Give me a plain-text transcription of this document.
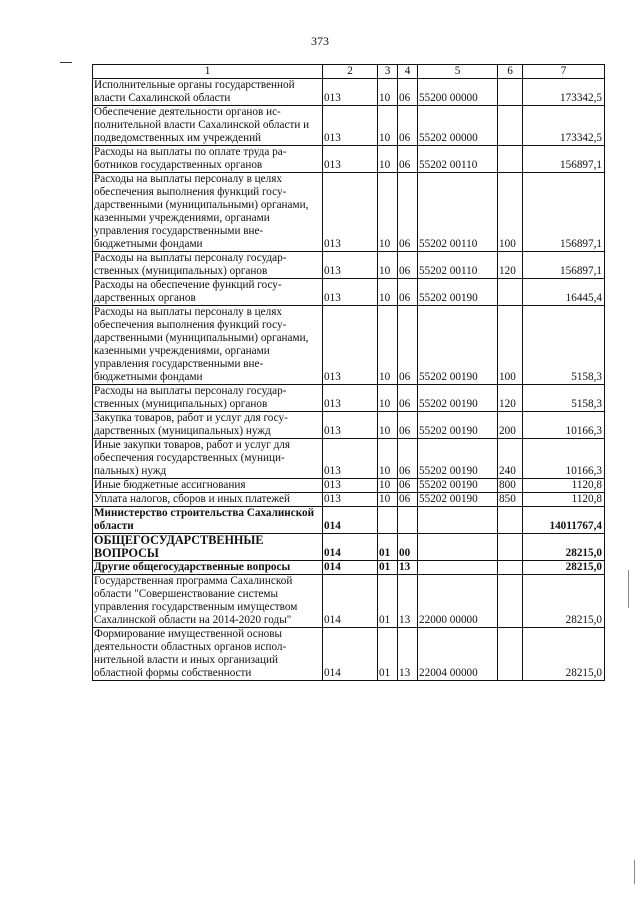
373
1	2	3	4	5	6	7
Исполнительные органы государственной власти Сахалинской области	013	10	06	55200 00000		173342,5
Обеспечение деятельности органов исполнительной власти Сахалинской области и подведомственных им учреждений	013	10	06	55202 00000		173342,5
Расходы на выплаты по оплате труда работников государственных органов	013	10	06	55202 00110		156897,1
Расходы на выплаты персоналу в целях обеспечения выполнения функций государственными (муниципальными) органами, казенными учреждениями, органами управления государственными внебюджетными фондами	013	10	06	55202 00110	100	156897,1
Расходы на выплаты персоналу государственных (муниципальных) органов	013	10	06	55202 00110	120	156897,1
Расходы на обеспечение функций государственных органов	013	10	06	55202 00190		16445,4
Расходы на выплаты персоналу в целях обеспечения выполнения функций государственными (муниципальными) органами, казенными учреждениями, органами управления государственными внебюджетными фондами	013	10	06	55202 00190	100	5158,3
Расходы на выплаты персоналу государственных (муниципальных) органов	013	10	06	55202 00190	120	5158,3
Закупка товаров, работ и услуг для государственных (муниципальных) нужд	013	10	06	55202 00190	200	10166,3
Иные закупки товаров, работ и услуг для обеспечения государственных (муниципальных) нужд	013	10	06	55202 00190	240	10166,3
Иные бюджетные ассигнования	013	10	06	55202 00190	800	1120,8
Уплата налогов, сборов и иных платежей	013	10	06	55202 00190	850	1120,8
Министерство строительства Сахалинской области	014					14011767,4
ОБЩЕГОСУДАРСТВЕННЫЕ ВОПРОСЫ	014	01	00			28215,0
Другие общегосударственные вопросы	014	01	13			28215,0
Государственная программа Сахалинской области "Совершенствование системы управления государственным имуществом Сахалинской области на 2014-2020 годы"	014	01	13	22000 00000		28215,0
Формирование имущественной основы деятельности областных органов исполнительной власти и иных организаций областной формы собственности	014	01	13	22004 00000		28215,0
